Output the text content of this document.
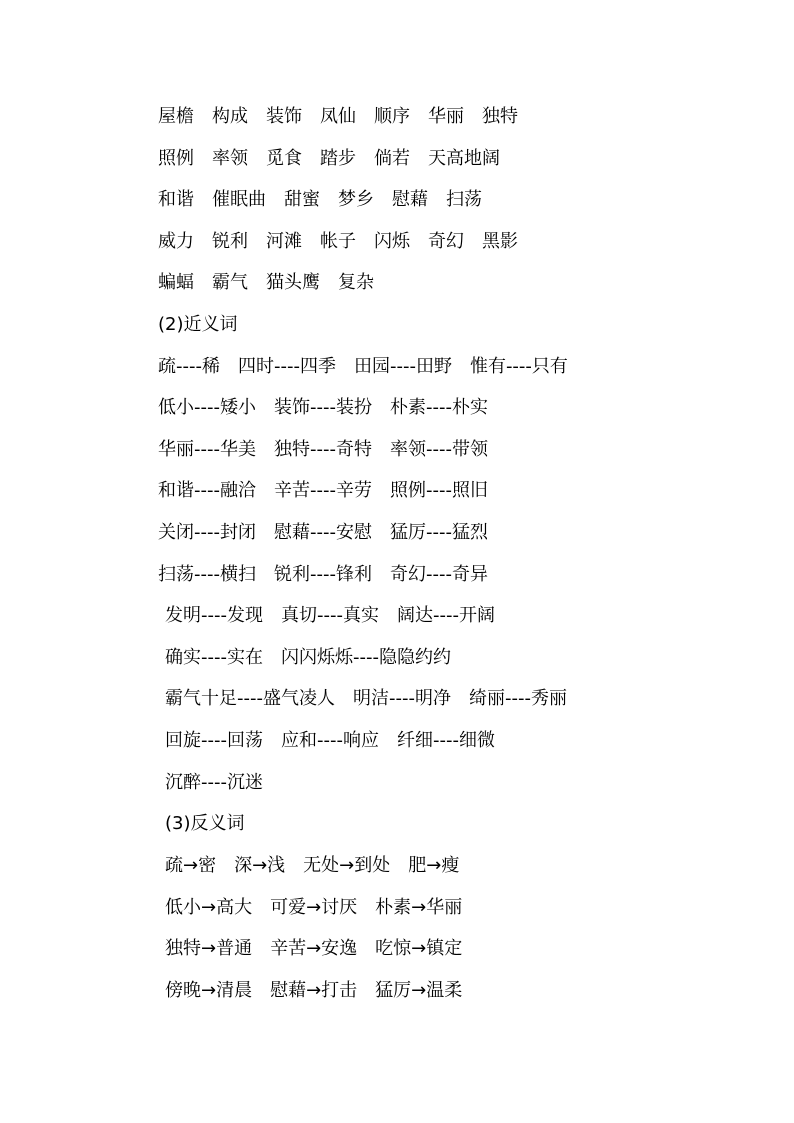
屋檐　构成　装饰　凤仙　顺序　华丽　独特
照例　率领　觅食　踏步　倘若　天高地阔
和谐　催眠曲　甜蜜　梦乡　慰藉　扫荡
威力　锐利　河滩　帐子　闪烁　奇幻　黑影
蝙蝠　霸气　猫头鹰　复杂
(2)近义词
疏----稀　四时----四季　田园----田野　惟有----只有
低小----矮小　装饰----装扮　朴素----朴实
华丽----华美　独特----奇特　率领----带领
和谐----融洽　辛苦----辛劳　照例----照旧
关闭----封闭　慰藉----安慰　猛厉----猛烈
扫荡----横扫　锐利----锋利　奇幻----奇异
发明----发现　真切----真实　阔达----开阔
确实----实在　闪闪烁烁----隐隐约约
霸气十足----盛气凌人　明洁----明净　绮丽----秀丽
回旋----回荡　应和----响应　纤细----细微
沉醉----沉迷
(3)反义词
疏→密　深→浅　无处→到处　肥→瘦
低小→高大　可爱→讨厌　朴素→华丽
独特→普通　辛苦→安逸　吃惊→镇定
傍晚→清晨　慰藉→打击　猛厉→温柔
